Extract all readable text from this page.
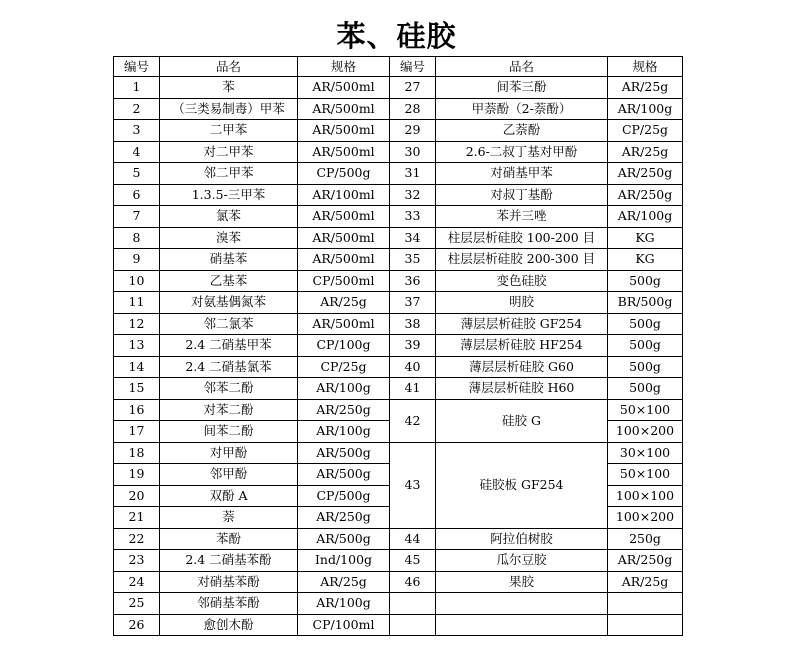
苯、硅胶
编号	品名	规格	编号	品名	规格
1	苯	AR/500ml	27	间苯三酚	AR/25g
2	（三类易制毒）甲苯	AR/500ml	28	甲萘酚（2-萘酚）	AR/100g
3	二甲苯	AR/500ml	29	乙萘酚	CP/25g
4	对二甲苯	AR/500ml	30	2.6-二叔丁基对甲酚	AR/25g
5	邻二甲苯	CP/500g	31	对硝基甲苯	AR/250g
6	1.3.5-三甲苯	AR/100ml	32	对叔丁基酚	AR/250g
7	氯苯	AR/500ml	33	苯并三唑	AR/100g
8	溴苯	AR/500ml	34	柱层层析硅胶 100-200 目	KG
9	硝基苯	AR/500ml	35	柱层层析硅胶 200-300 目	KG
10	乙基苯	CP/500ml	36	变色硅胶	500g
11	对氨基偶氮苯	AR/25g	37	明胶	BR/500g
12	邻二氯苯	AR/500ml	38	薄层层析硅胶 GF254	500g
13	2.4 二硝基甲苯	CP/100g	39	薄层层析硅胶 HF254	500g
14	2.4 二硝基氯苯	CP/25g	40	薄层层析硅胶 G60	500g
15	邻苯二酚	AR/100g	41	薄层层析硅胶 H60	500g
16	对苯二酚	AR/250g	42	硅胶 G	50×100
17	间苯二酚	AR/100g			100×200
18	对甲酚	AR/500g	43	硅胶板 GF254	30×100
19	邻甲酚	AR/500g			50×100
20	双酚 A	CP/500g			100×100
21	萘	AR/250g			100×200
22	苯酚	AR/500g	44	阿拉伯树胶	250g
23	2.4 二硝基苯酚	Ind/100g	45	瓜尔豆胶	AR/250g
24	对硝基苯酚	AR/25g	46	果胶	AR/25g
25	邻硝基苯酚	AR/100g			
26	愈创木酚	CP/100ml			
